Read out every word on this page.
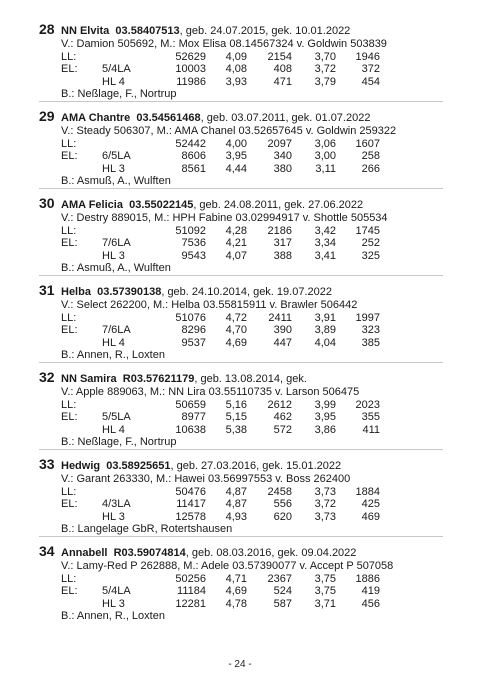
28 NN Elvita 03.58407513, geb. 24.07.2015, gek. 10.01.2022
V.: Damion 505692, M.: Mox Elisa 08.14567324 v. Goldwin 503839
LL:	52629 4,09 2154 3,70 1946
EL: 5/4LA	10003 4,08 408 3,72 372
HL 4	11986 3,93 471 3,79 454
B.: Neßlage, F., Nortrup
29 AMA Chantre 03.54561468, geb. 03.07.2011, gek. 01.07.2022
V.: Steady 506307, M.: AMA Chanel 03.52657645 v. Goldwin 259322
LL:	52442 4,00 2097 3,06 1607
EL: 6/5LA	8606 3,95 340 3,00 258
HL 3	8561 4,44 380 3,11 266
B.: Asmuß, A., Wulften
30 AMA Felicia 03.55022145, geb. 24.08.2011, gek. 27.06.2022
V.: Destry 889015, M.: HPH Fabine 03.02994917 v. Shottle 505534
LL:	51092 4,28 2186 3,42 1745
EL: 7/6LA	7536 4,21 317 3,34 252
HL 3	9543 4,07 388 3,41 325
B.: Asmuß, A., Wulften
31 Helba 03.57390138, geb. 24.10.2014, gek. 19.07.2022
V.: Select 262200, M.: Helba 03.55815911 v. Brawler 506442
LL:	51076 4,72 2411 3,91 1997
EL: 7/6LA	8296 4,70 390 3,89 323
HL 4	9537 4,69 447 4,04 385
B.: Annen, R., Loxten
32 NN Samira R03.57621179, geb. 13.08.2014, gek.
V.: Apple 889063, M.: NN Lira 03.55110735 v. Larson 506475
LL:	50659 5,16 2612 3,99 2023
EL: 5/5LA	8977 5,15 462 3,95 355
HL 4	10638 5,38 572 3,86 411
B.: Neßlage, F., Nortrup
33 Hedwig 03.58925651, geb. 27.03.2016, gek. 15.01.2022
V.: Garant 263330, M.: Hawei 03.56997553 v. Boss 262400
LL:	50476 4,87 2458 3,73 1884
EL: 4/3LA	11417 4,87 556 3,72 425
HL 3	12578 4,93 620 3,73 469
B.: Langelage GbR, Rotertshausen
34 Annabell R03.59074814, geb. 08.03.2016, gek. 09.04.2022
V.: Lamy-Red P 262888, M.: Adele 03.57390077 v. Accept P 507058
LL:	50256 4,71 2367 3,75 1886
EL: 5/4LA	11184 4,69 524 3,75 419
HL 3	12281 4,78 587 3,71 456
B.: Annen, R., Loxten
- 24 -
